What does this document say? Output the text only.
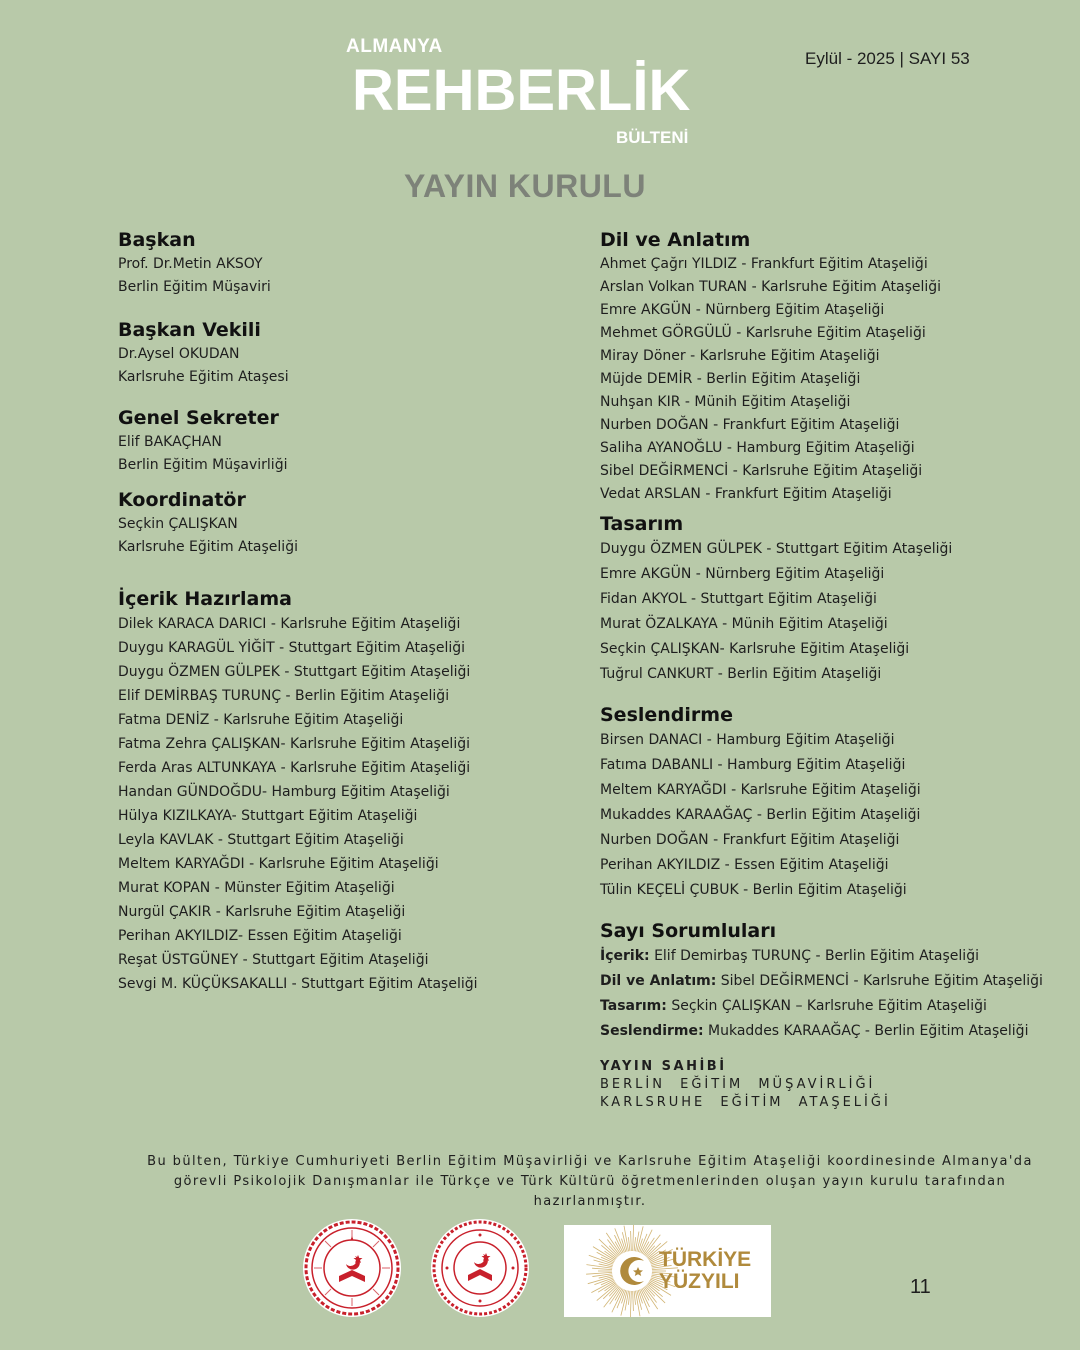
ALMANYA
REHBERLİK
BÜLTENİ
Eylül - 2025 | SAYI 53
YAYIN KURULU
Başkan
Prof. Dr.Metin AKSOY
Berlin Eğitim Müşaviri
Başkan Vekili
Dr.Aysel OKUDAN
Karlsruhe Eğitim Ataşesi
Genel Sekreter
Elif BAKAÇHAN
Berlin Eğitim Müşavirliği
Koordinatör
Seçkin ÇALIŞKAN
Karlsruhe Eğitim Ataşeliği
İçerik Hazırlama
Dilek KARACA DARICI - Karlsruhe Eğitim Ataşeliği
Duygu KARAGÜL YİĞİT - Stuttgart Eğitim Ataşeliği
Duygu ÖZMEN GÜLPEK - Stuttgart Eğitim Ataşeliği
Elif DEMİRBAŞ TURUNÇ - Berlin Eğitim Ataşeliği
Fatma DENİZ - Karlsruhe Eğitim Ataşeliği
Fatma Zehra ÇALIŞKAN- Karlsruhe Eğitim Ataşeliği
Ferda Aras ALTUNKAYA - Karlsruhe Eğitim Ataşeliği
Handan GÜNDOĞDU- Hamburg Eğitim Ataşeliği
Hülya KIZILKAYA- Stuttgart Eğitim Ataşeliği
Leyla KAVLAK - Stuttgart Eğitim Ataşeliği
Meltem KARYAĞDI - Karlsruhe Eğitim Ataşeliği
Murat KOPAN - Münster Eğitim Ataşeliği
Nurgül ÇAKIR - Karlsruhe Eğitim Ataşeliği
Perihan AKYILDIZ- Essen Eğitim Ataşeliği
Reşat ÜSTGÜNEY - Stuttgart Eğitim Ataşeliği
Sevgi M. KÜÇÜKSAKALLI - Stuttgart Eğitim Ataşeliği
Dil ve Anlatım
Ahmet Çağrı YILDIZ - Frankfurt Eğitim Ataşeliği
Arslan Volkan TURAN - Karlsruhe Eğitim Ataşeliği
Emre AKGÜN - Nürnberg Eğitim Ataşeliği
Mehmet GÖRGÜLÜ - Karlsruhe Eğitim Ataşeliği
Miray Döner - Karlsruhe Eğitim Ataşeliği
Müjde DEMİR - Berlin Eğitim Ataşeliği
Nuhşan KIR - Münih Eğitim Ataşeliği
Nurben DOĞAN - Frankfurt Eğitim Ataşeliği
Saliha AYANOĞLU - Hamburg Eğitim Ataşeliği
Sibel DEĞİRMENCİ - Karlsruhe Eğitim Ataşeliği
Vedat ARSLAN - Frankfurt Eğitim Ataşeliği
Tasarım
Duygu ÖZMEN GÜLPEK - Stuttgart Eğitim Ataşeliği
Emre AKGÜN - Nürnberg Eğitim Ataşeliği
Fidan AKYOL - Stuttgart Eğitim Ataşeliği
Murat ÖZALKAYA - Münih Eğitim Ataşeliği
Seçkin ÇALIŞKAN- Karlsruhe Eğitim Ataşeliği
Tuğrul CANKURT - Berlin Eğitim Ataşeliği
Seslendirme
Birsen DANACI - Hamburg Eğitim Ataşeliği
Fatıma DABANLI - Hamburg Eğitim Ataşeliği
Meltem KARYAĞDI - Karlsruhe Eğitim Ataşeliği
Mukaddes KARAAĞAÇ - Berlin Eğitim Ataşeliği
Nurben DOĞAN - Frankfurt Eğitim Ataşeliği
Perihan AKYILDIZ - Essen Eğitim Ataşeliği
Tülin KEÇELİ ÇUBUK - Berlin Eğitim Ataşeliği
Sayı Sorumluları
İçerik: Elif Demirbaş TURUNÇ - Berlin Eğitim Ataşeliği
Dil ve Anlatım: Sibel DEĞİRMENCİ - Karlsruhe Eğitim Ataşeliği
Tasarım: Seçkin ÇALIŞKAN – Karlsruhe Eğitim Ataşeliği
Seslendirme: Mukaddes KARAAĞAÇ - Berlin Eğitim Ataşeliği
YAYIN SAHİBİ
BERLİN EĞİTİM MÜŞAVİRLİĞİ
KARLSRUHE EĞİTİM ATAŞELİĞİ
Bu bülten, Türkiye Cumhuriyeti Berlin Eğitim Müşavirliği ve Karlsruhe Eğitim Ataşeliği koordinesinde Almanya'da görevli Psikolojik Danışmanlar ile Türkçe ve Türk Kültürü öğretmenlerinden oluşan yayın kurulu tarafından hazırlanmıştır.
TÜRKİYE
YÜZYILI	11
